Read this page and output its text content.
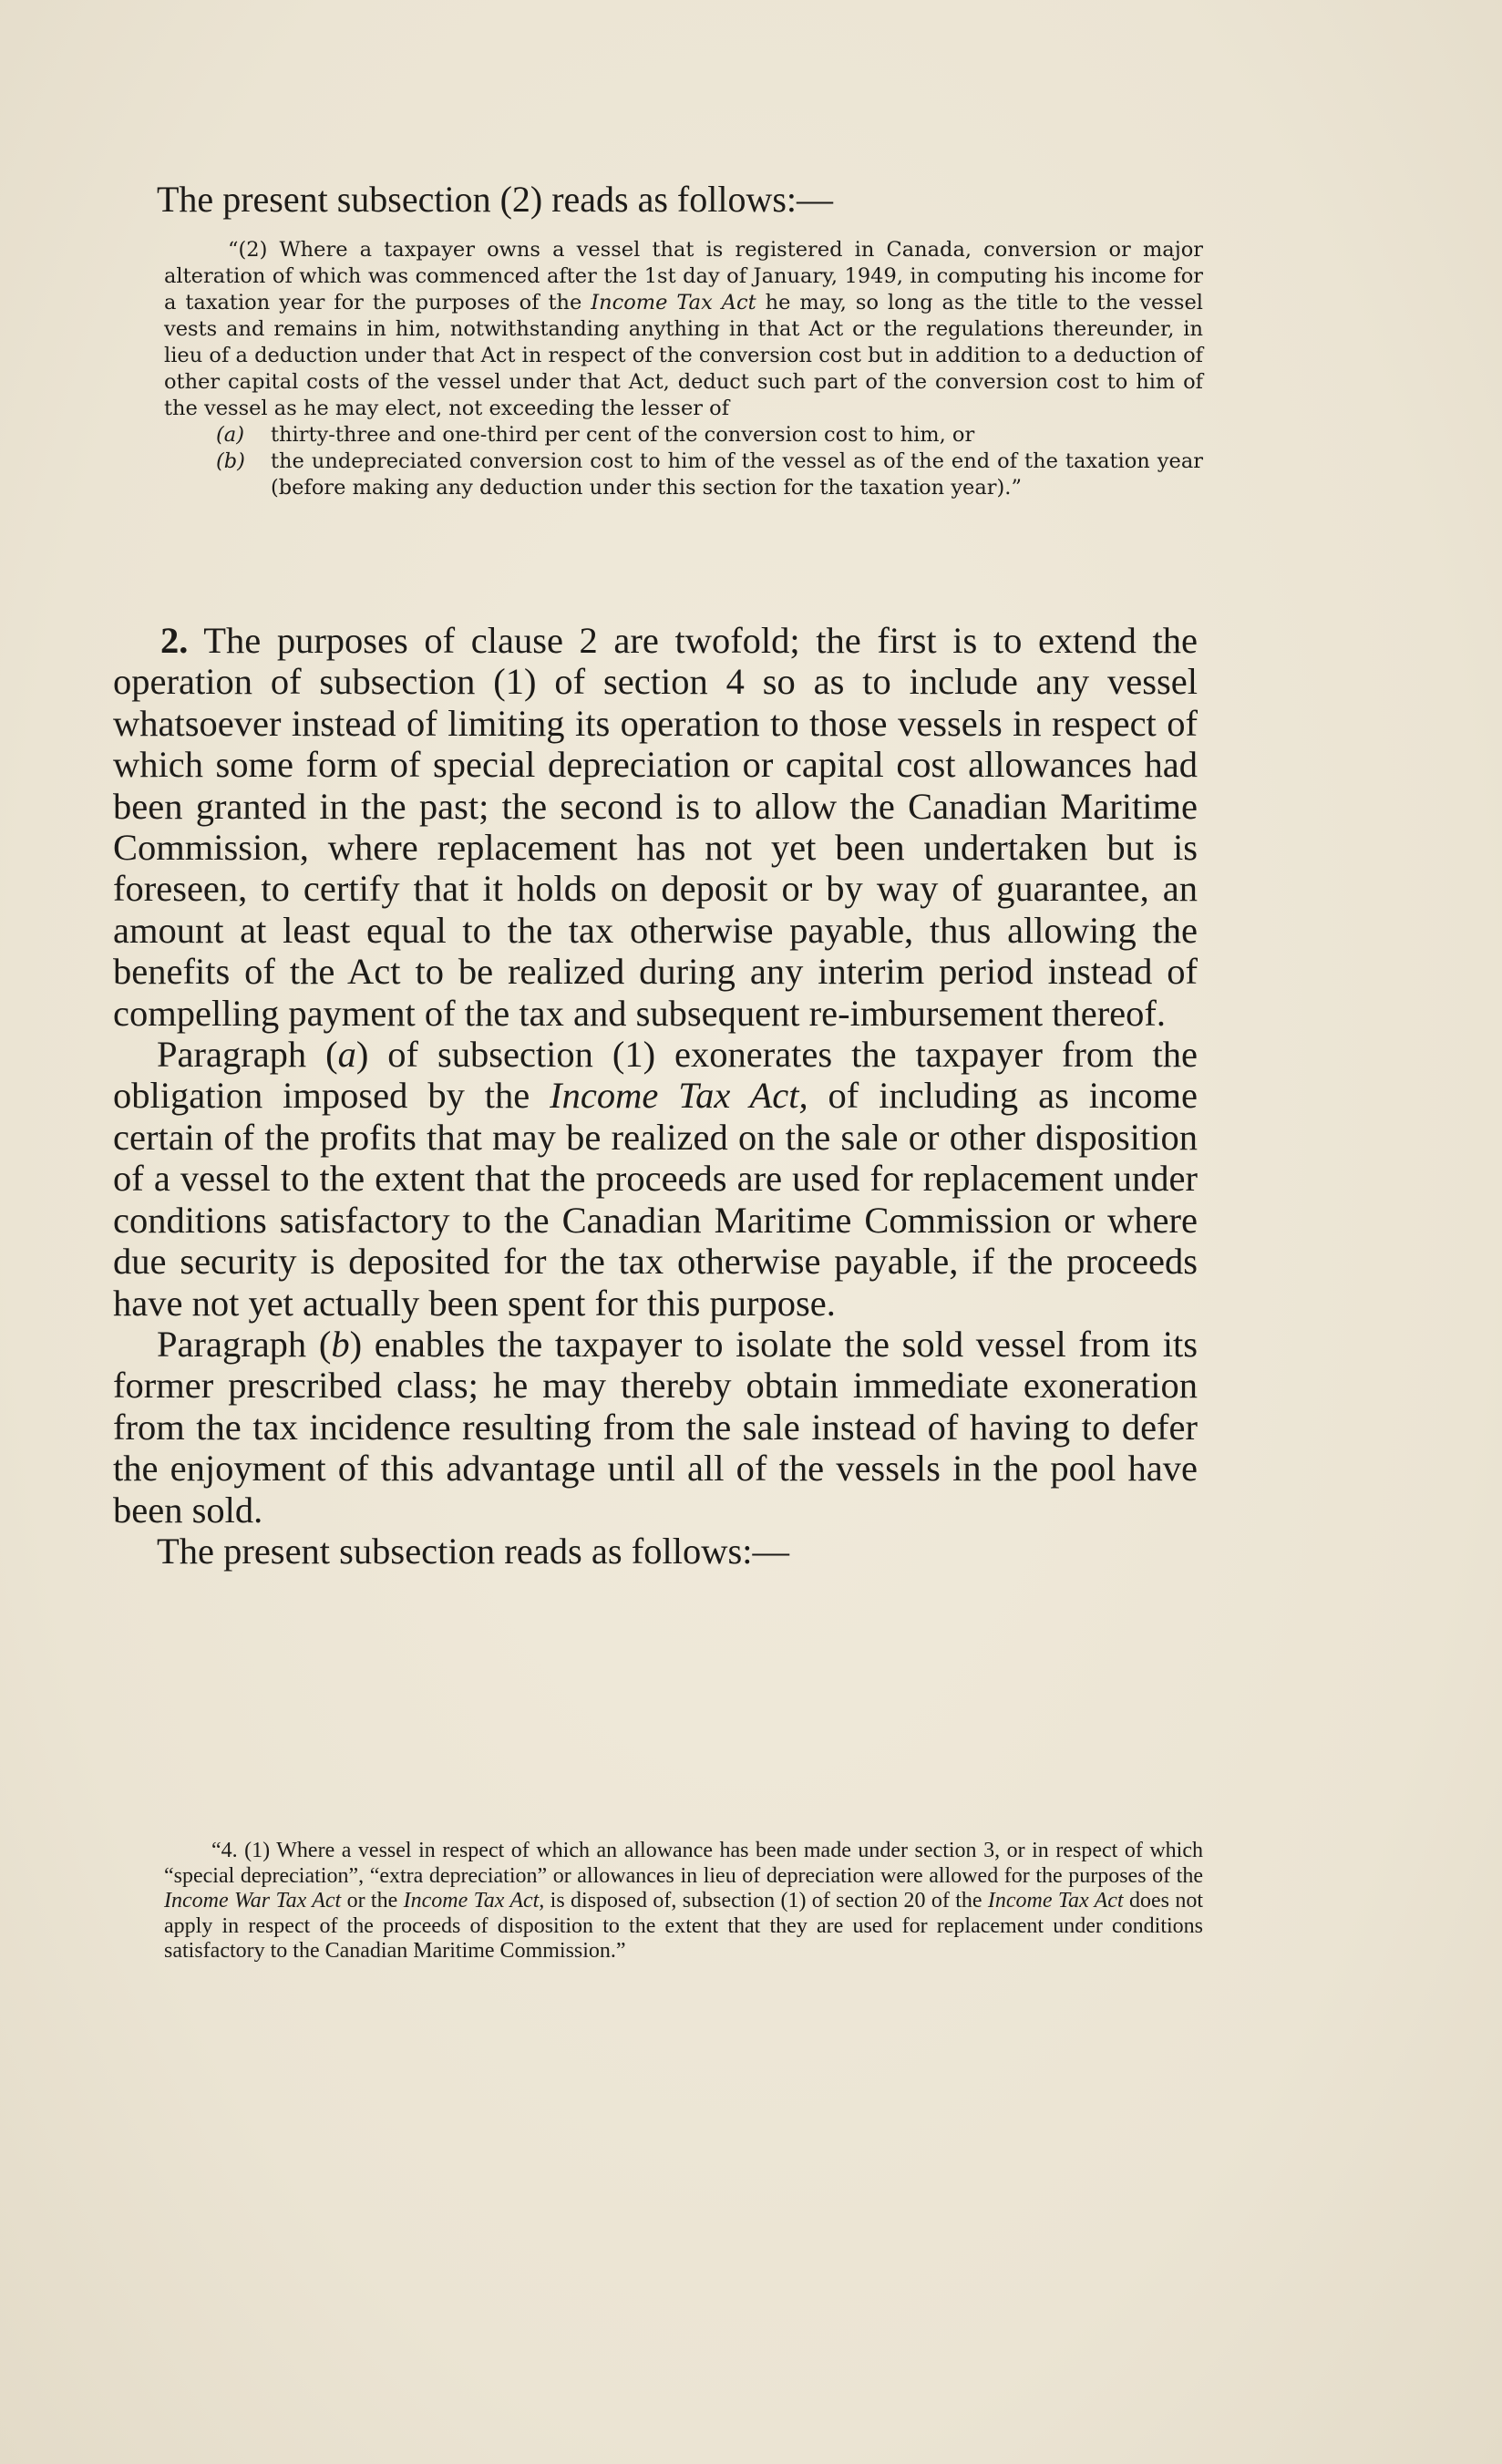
The present subsection (2) reads as follows:—

“(2) Where a taxpayer owns a vessel that is registered in Canada, conversion or major alteration of which was commenced after the 1st day of January, 1949, in computing his income for a taxation year for the purposes of the Income Tax Act he may, so long as the title to the vessel vests and remains in him, notwithstanding anything in that Act or the regulations thereunder, in lieu of a deduction under that Act in respect of the conversion cost but in addition to a deduction of other capital costs of the vessel under that Act, deduct such part of the conversion cost to him of the vessel as he may elect, not exceeding the lesser of
(a) thirty-three and one-third per cent of the conversion cost to him, or
(b) the undepreciated conversion cost to him of the vessel as of the end of the taxation year (before making any deduction under this section for the taxation year).”

2. The purposes of clause 2 are twofold; the first is to extend the operation of subsection (1) of section 4 so as to include any vessel whatsoever instead of limiting its operation to those vessels in respect of which some form of special depreciation or capital cost allowances had been granted in the past; the second is to allow the Canadian Maritime Commission, where replacement has not yet been undertaken but is foreseen, to certify that it holds on deposit or by way of guarantee, an amount at least equal to the tax otherwise payable, thus allowing the benefits of the Act to be realized during any interim period instead of compelling payment of the tax and subsequent re-imbursement thereof.

Paragraph (a) of subsection (1) exonerates the taxpayer from the obligation imposed by the Income Tax Act, of including as income certain of the profits that may be realized on the sale or other disposition of a vessel to the extent that the proceeds are used for replacement under conditions satisfactory to the Canadian Maritime Commission or where due security is deposited for the tax otherwise payable, if the proceeds have not yet actually been spent for this purpose.

Paragraph (b) enables the taxpayer to isolate the sold vessel from its former prescribed class; he may thereby obtain immediate exoneration from the tax incidence resulting from the sale instead of having to defer the enjoyment of this advantage until all of the vessels in the pool have been sold.

The present subsection reads as follows:—

“4. (1) Where a vessel in respect of which an allowance has been made under section 3, or in respect of which “special depreciation”, “extra depreciation” or allowances in lieu of depreciation were allowed for the purposes of the Income War Tax Act or the Income Tax Act, is disposed of, subsection (1) of section 20 of the Income Tax Act does not apply in respect of the proceeds of disposition to the extent that they are used for replacement under conditions satisfactory to the Canadian Maritime Commission.”
